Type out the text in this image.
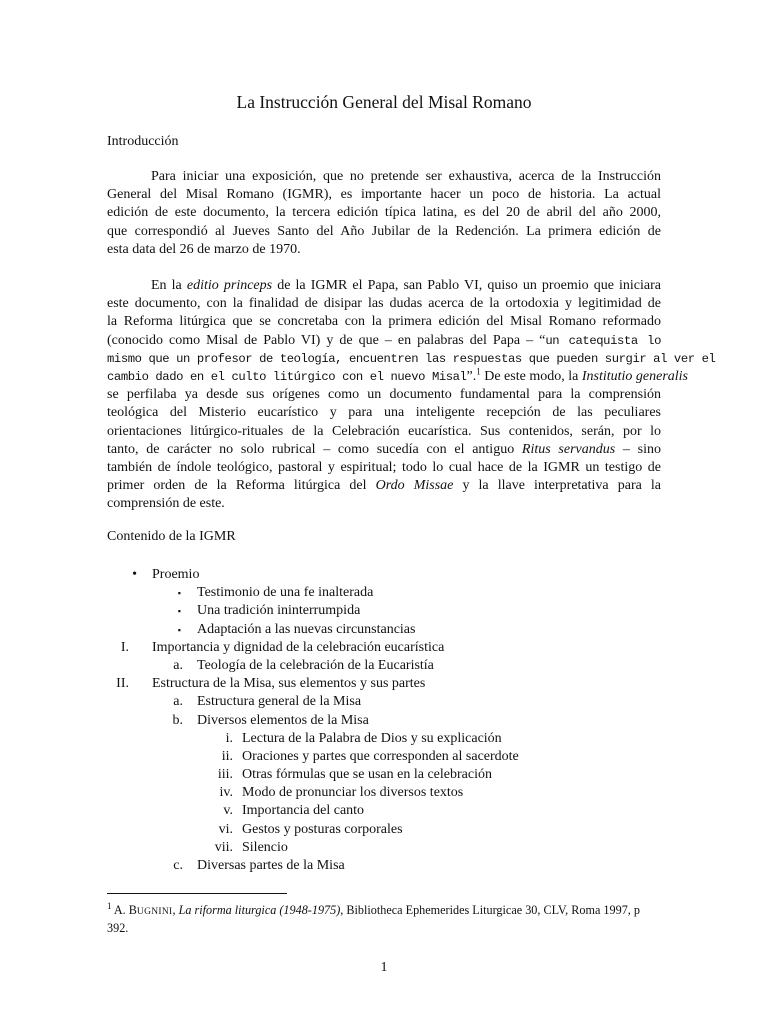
La Instrucción General del Misal Romano
Introducción
Para iniciar una exposición, que no pretende ser exhaustiva, acerca de la Instrucción
General del Misal Romano (IGMR), es importante hacer un poco de historia. La actual
edición de este documento, la tercera edición típica latina, es del 20 de abril del año 2000,
que correspondió al Jueves Santo del Año Jubilar de la Redención. La primera edición de
esta data del 26 de marzo de 1970.
En la editio princeps de la IGMR el Papa, san Pablo VI, quiso un proemio que iniciara
este documento, con la finalidad de disipar las dudas acerca de la ortodoxia y legitimidad de
la Reforma litúrgica que se concretaba con la primera edición del Misal Romano reformado
(conocido como Misal de Pablo VI) y de que – en palabras del Papa – “un catequista lo
mismo que un profesor de teología, encuentren las respuestas que pueden surgir al ver el
cambio dado en el culto litúrgico con el nuevo Misal”.$^1$ De este modo, la Institutio generalis
se perfilaba ya desde sus orígenes como un documento fundamental para la comprensión
teológica del Misterio eucarístico y para una inteligente recepción de las peculiares
orientaciones litúrgico-rituales de la Celebración eucarística. Sus contenidos, serán, por lo
tanto, de carácter no solo rubrical – como sucedía con el antiguo Ritus servandus – sino
también de índole teológico, pastoral y espiritual; todo lo cual hace de la IGMR un testigo de
primer orden de la Reforma litúrgica del Ordo Missae y la llave interpretativa para la
comprensión de este.
Contenido de la IGMR
• Proemio
▪ Testimonio de una fe inalterada
▪ Una tradición ininterrumpida
▪ Adaptación a las nuevas circunstancias
I. Importancia y dignidad de la celebración eucarística
a. Teología de la celebración de la Eucaristía
II. Estructura de la Misa, sus elementos y sus partes
a. Estructura general de la Misa
b. Diversos elementos de la Misa
i. Lectura de la Palabra de Dios y su explicación
ii. Oraciones y partes que corresponden al sacerdote
iii. Otras fórmulas que se usan en la celebración
iv. Modo de pronunciar los diversos textos
v. Importancia del canto
vi. Gestos y posturas corporales
vii. Silencio
c. Diversas partes de la Misa
$^1$ A. BUGNINI, La riforma liturgica (1948-1975), Bibliotheca Ephemerides Liturgicae 30, CLV, Roma 1997, p
392.
1
